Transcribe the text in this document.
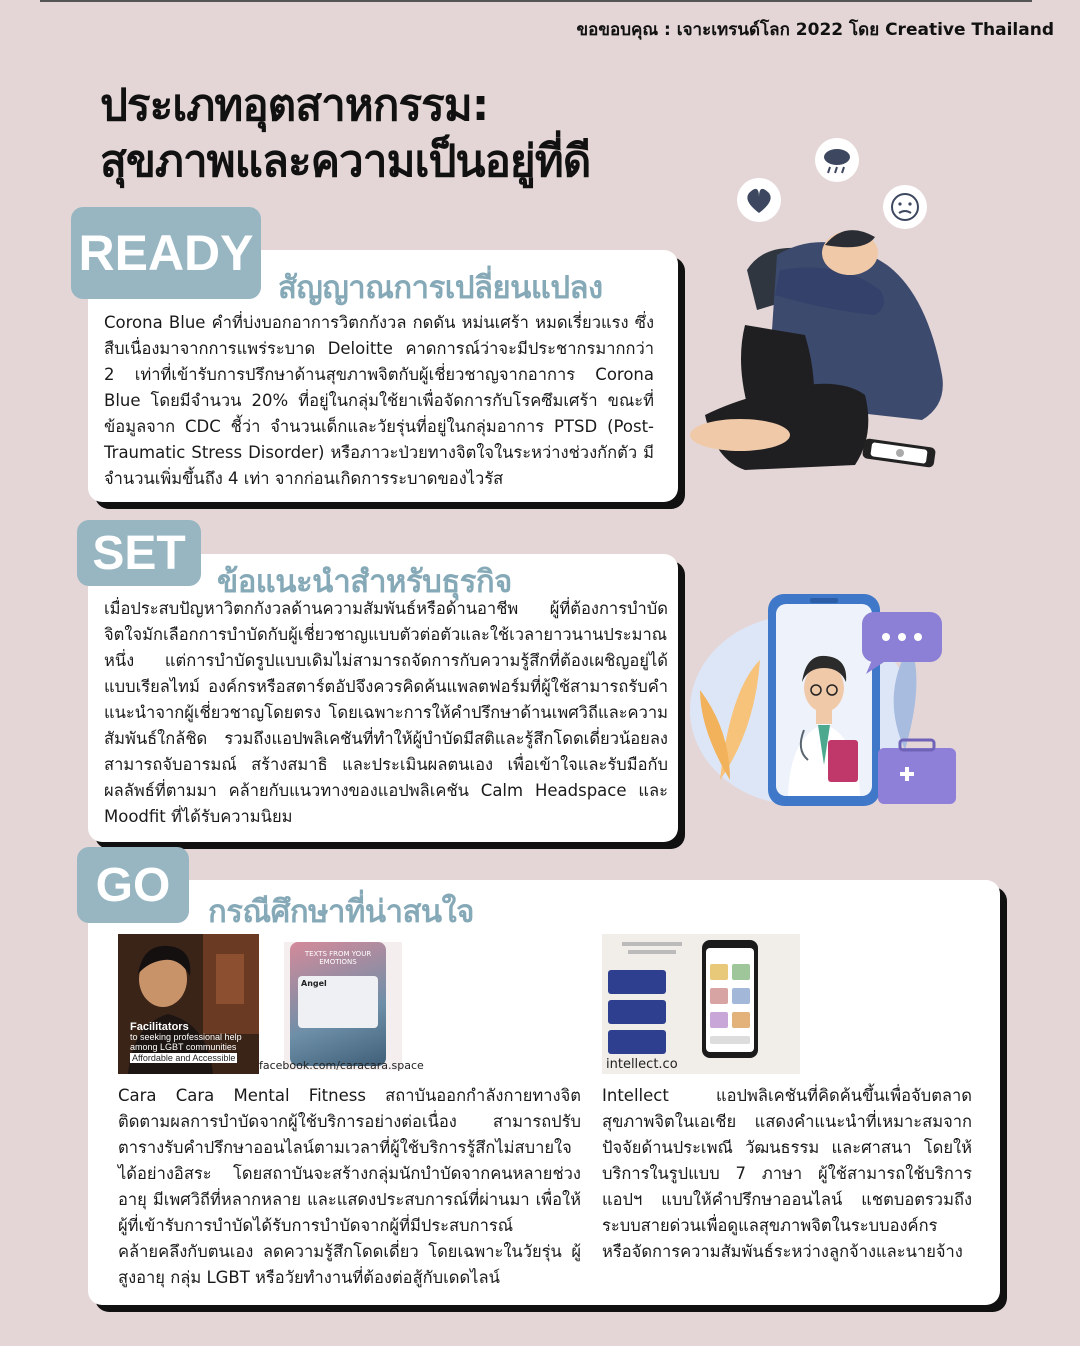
ขอขอบคุณ : เจาะเทรนด์โลก 2022 โดย Creative Thailand
ประเภทอุตสาหกรรม:
สุขภาพและความเป็นอยู่ที่ดี
READY
สัญญาณการเปลี่ยนแปลง
Corona Blue คำที่บ่งบอกอาการวิตกกังวล กดดัน หม่นเศร้า หมดเรี่ยวแรง ซึ่งสืบเนื่องมาจากการแพร่ระบาด Deloitte คาดการณ์ว่าจะมีประชากรมากกว่า 2 เท่าที่เข้ารับการปรึกษาด้านสุขภาพจิตกับผู้เชี่ยวชาญจากอาการ Corona Blue โดยมีจำนวน 20% ที่อยู่ในกลุ่มใช้ยาเพื่อจัดการกับโรคซึมเศร้า ขณะที่ข้อมูลจาก CDC ชี้ว่า จำนวนเด็กและวัยรุ่นที่อยู่ในกลุ่มอาการ PTSD (Post-Traumatic Stress Disorder) หรือภาวะป่วยทางจิตใจในระหว่างช่วงกักตัว มีจำนวนเพิ่มขึ้นถึง 4 เท่า จากก่อนเกิดการระบาดของไวรัส
SET
ข้อแนะนำสำหรับธุรกิจ
เมื่อประสบปัญหาวิตกกังวลด้านความสัมพันธ์หรือด้านอาชีพ ผู้ที่ต้องการบำบัดจิตใจมักเลือกการบำบัดกับผู้เชี่ยวชาญแบบตัวต่อตัวและใช้เวลายาวนานประมาณหนึ่ง แต่การบำบัดรูปแบบเดิมไม่สามารถจัดการกับความรู้สึกที่ต้องเผชิญอยู่ได้แบบเรียลไทม์ องค์กรหรือสตาร์ตอัปจึงควรคิดค้นแพลตฟอร์มที่ผู้ใช้สามารถรับคำแนะนำจากผู้เชี่ยวชาญโดยตรง โดยเฉพาะการให้คำปรึกษาด้านเพศวิถีและความสัมพันธ์ใกล้ชิด รวมถึงแอปพลิเคชันที่ทำให้ผู้บำบัดมีสติและรู้สึกโดดเดี่ยวน้อยลง สามารถจับอารมณ์ สร้างสมาธิ และประเมินผลตนเอง เพื่อเข้าใจและรับมือกับผลลัพธ์ที่ตามมา คล้ายกับแนวทางของแอปพลิเคชัน Calm Headspace และ Moodfit ที่ได้รับความนิยม
GO
กรณีศึกษาที่น่าสนใจ
Facilitators
to seeking professional help
among LGBT communities
Affordable and Accessible
TEXTS FROM YOUR EMOTIONS
Angel
facebook.com/caracara.space
Cara Cara Mental Fitness สถาบันออกกำลังกายทางจิต ติดตามผลการบำบัดจากผู้ใช้บริการอย่างต่อเนื่อง สามารถปรับตารางรับคำปรึกษาออนไลน์ตามเวลาที่ผู้ใช้บริการรู้สึกไม่สบายใจได้อย่างอิสระ โดยสถาบันจะสร้างกลุ่มนักบำบัดจากคนหลายช่วงอายุ มีเพศวิถีที่หลากหลาย และแสดงประสบการณ์ที่ผ่านมา เพื่อให้ผู้ที่เข้ารับการบำบัดได้รับการบำบัดจากผู้ที่มีประสบการณ์คล้ายคลึงกับตนเอง ลดความรู้สึกโดดเดี่ยว โดยเฉพาะในวัยรุ่น ผู้สูงอายุ กลุ่ม LGBT หรือวัยทำงานที่ต้องต่อสู้กับเดดไลน์
intellect.co
Intellect แอปพลิเคชันที่คิดค้นขึ้นเพื่อจับตลาดสุขภาพจิตในเอเชีย แสดงคำแนะนำที่เหมาะสมจากปัจจัยด้านประเพณี วัฒนธรรม และศาสนา โดยให้บริการในรูปแบบ 7 ภาษา ผู้ใช้สามารถใช้บริการแอปฯ แบบให้คำปรึกษาออนไลน์ แชตบอตรวมถึงระบบสายด่วนเพื่อดูแลสุขภาพจิตในระบบองค์กร หรือจัดการความสัมพันธ์ระหว่างลูกจ้างและนายจ้าง
